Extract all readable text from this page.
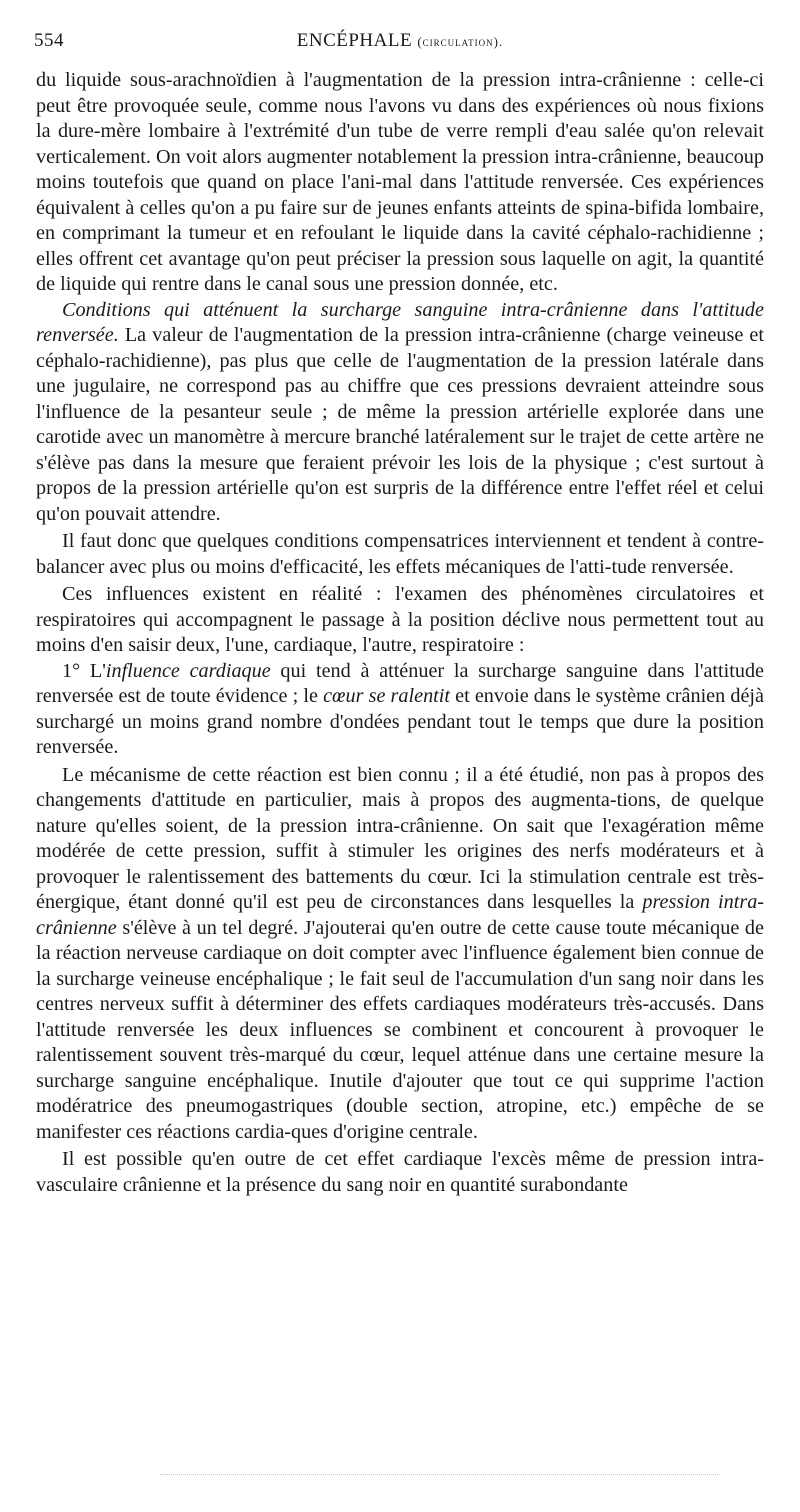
554	ENCÉPHALE (circulation).

du liquide sous-arachnoïdien à l'augmentation de la pression intra-crânienne : celle-ci peut être provoquée seule, comme nous l'avons vu dans des expériences où nous fixions la dure-mère lombaire à l'extrémité d'un tube de verre rempli d'eau salée qu'on relevait verticalement. On voit alors augmenter notablement la pression intra-crânienne, beaucoup moins toutefois que quand on place l'ani-mal dans l'attitude renversée. Ces expériences équivalent à celles qu'on a pu faire sur de jeunes enfants atteints de spina-bifida lombaire, en comprimant la tumeur et en refoulant le liquide dans la cavité céphalo-rachidienne ; elles offrent cet avantage qu'on peut préciser la pression sous laquelle on agit, la quantité de liquide qui rentre dans le canal sous une pression donnée, etc.

Conditions qui atténuent la surcharge sanguine intra-crânienne dans l'attitude renversée. La valeur de l'augmentation de la pression intra-crânienne (charge veineuse et céphalo-rachidienne), pas plus que celle de l'augmentation de la pression latérale dans une jugulaire, ne correspond pas au chiffre que ces pressions devraient atteindre sous l'influence de la pesanteur seule ; de même la pression artérielle explorée dans une carotide avec un manomètre à mercure branché latéralement sur le trajet de cette artère ne s'élève pas dans la mesure que feraient prévoir les lois de la physique ; c'est surtout à propos de la pression artérielle qu'on est surpris de la différence entre l'effet réel et celui qu'on pouvait attendre.

Il faut donc que quelques conditions compensatrices interviennent et tendent à contre-balancer avec plus ou moins d'efficacité, les effets mécaniques de l'atti-tude renversée.

Ces influences existent en réalité : l'examen des phénomènes circulatoires et respiratoires qui accompagnent le passage à la position déclive nous permettent tout au moins d'en saisir deux, l'une, cardiaque, l'autre, respiratoire :

1° L'influence cardiaque qui tend à atténuer la surcharge sanguine dans l'attitude renversée est de toute évidence ; le cœur se ralentit et envoie dans le système crânien déjà surchargé un moins grand nombre d'ondées pendant tout le temps que dure la position renversée.

Le mécanisme de cette réaction est bien connu ; il a été étudié, non pas à propos des changements d'attitude en particulier, mais à propos des augmenta-tions, de quelque nature qu'elles soient, de la pression intra-crânienne. On sait que l'exagération même modérée de cette pression, suffit à stimuler les origines des nerfs modérateurs et à provoquer le ralentissement des battements du cœur. Ici la stimulation centrale est très-énergique, étant donné qu'il est peu de circonstances dans lesquelles la pression intra-crânienne s'élève à un tel degré. J'ajouterai qu'en outre de cette cause toute mécanique de la réaction nerveuse cardiaque on doit compter avec l'influence également bien connue de la surcharge veineuse encéphalique ; le fait seul de l'accumulation d'un sang noir dans les centres nerveux suffit à déterminer des effets cardiaques modérateurs très-accusés. Dans l'attitude renversée les deux influences se combinent et concourent à provoquer le ralentissement souvent très-marqué du cœur, lequel atténue dans une certaine mesure la surcharge sanguine encéphalique. Inutile d'ajouter que tout ce qui supprime l'action modératrice des pneumogastriques (double section, atropine, etc.) empêche de se manifester ces réactions cardia-ques d'origine centrale.

Il est possible qu'en outre de cet effet cardiaque l'excès même de pression intra-vasculaire crânienne et la présence du sang noir en quantité surabondante
